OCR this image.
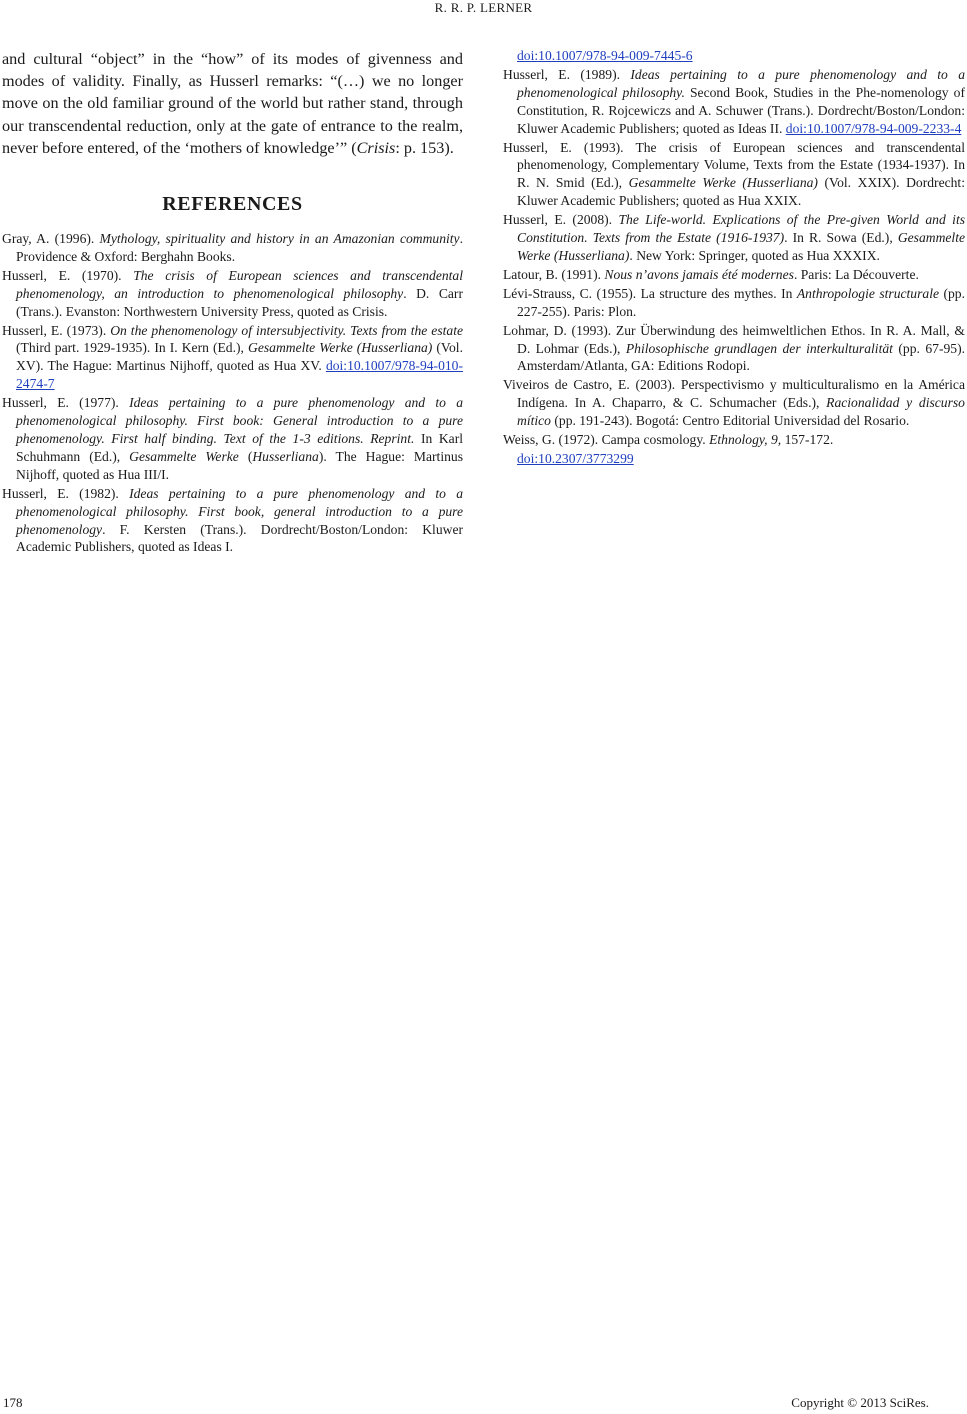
R. R. P. LERNER

and cultural “object” in the “how” of its modes of givenness and modes of validity. Finally, as Husserl remarks: “(…) we no longer move on the old familiar ground of the world but rather stand, through our transcendental reduction, only at the gate of entrance to the realm, never before entered, of the ‘mothers of knowledge’” (Crisis: p. 153).

REFERENCES

Gray, A. (1996). Mythology, spirituality and history in an Amazonian community. Providence & Oxford: Berghahn Books.

Husserl, E. (1970). The crisis of European sciences and transcendental phenomenology, an introduction to phenomenological philosophy. D. Carr (Trans.). Evanston: Northwestern University Press, quoted as Crisis.

Husserl, E. (1973). On the phenomenology of intersubjectivity. Texts from the estate (Third part. 1929-1935). In I. Kern (Ed.), Gesammelte Werke (Husserliana) (Vol. XV). The Hague: Martinus Nijhoff, quoted as Hua XV. doi:10.1007/978-94-010-2474-7

Husserl, E. (1977). Ideas pertaining to a pure phenomenology and to a phenomenological philosophy. First book: General introduction to a pure phenomenology. First half binding. Text of the 1-3 editions. Reprint. In Karl Schuhmann (Ed.), Gesammelte Werke (Husserliana). The Hague: Martinus Nijhoff, quoted as Hua III/I.

Husserl, E. (1982). Ideas pertaining to a pure phenomenology and to a phenomenological philosophy. First book, general introduction to a pure phenomenology. F. Kersten (Trans.). Dordrecht/Boston/London: Kluwer Academic Publishers, quoted as Ideas I.

doi:10.1007/978-94-009-7445-6

Husserl, E. (1989). Ideas pertaining to a pure phenomenology and to a phenomenological philosophy. Second Book, Studies in the Phe-nomenology of Constitution, R. Rojcewiczs and A. Schuwer (Trans.). Dordrecht/Boston/London: Kluwer Academic Publishers; quoted as Ideas II. doi:10.1007/978-94-009-2233-4

Husserl, E. (1993). The crisis of European sciences and transcendental phenomenology, Complementary Volume, Texts from the Estate (1934-1937). In R. N. Smid (Ed.), Gesammelte Werke (Husserliana) (Vol. XXIX). Dordrecht: Kluwer Academic Publishers; quoted as Hua XXIX.

Husserl, E. (2008). The Life-world. Explications of the Pre-given World and its Constitution. Texts from the Estate (1916-1937). In R. Sowa (Ed.), Gesammelte Werke (Husserliana). New York: Springer, quoted as Hua XXXIX.

Latour, B. (1991). Nous n’avons jamais été modernes. Paris: La Découverte.

Lévi-Strauss, C. (1955). La structure des mythes. In Anthropologie structurale (pp. 227-255). Paris: Plon.

Lohmar, D. (1993). Zur Überwindung des heimweltlichen Ethos. In R. A. Mall, & D. Lohmar (Eds.), Philosophische grundlagen der interkulturalität (pp. 67-95). Amsterdam/Atlanta, GA: Editions Rodopi.

Viveiros de Castro, E. (2003). Perspectivismo y multiculturalismo en la América Indígena. In A. Chaparro, & C. Schumacher (Eds.), Racionalidad y discurso mítico (pp. 191-243). Bogotá: Centro Editorial Universidad del Rosario.

Weiss, G. (1972). Campa cosmology. Ethnology, 9, 157-172.

doi:10.2307/3773299

178	Copyright © 2013 SciRes.
